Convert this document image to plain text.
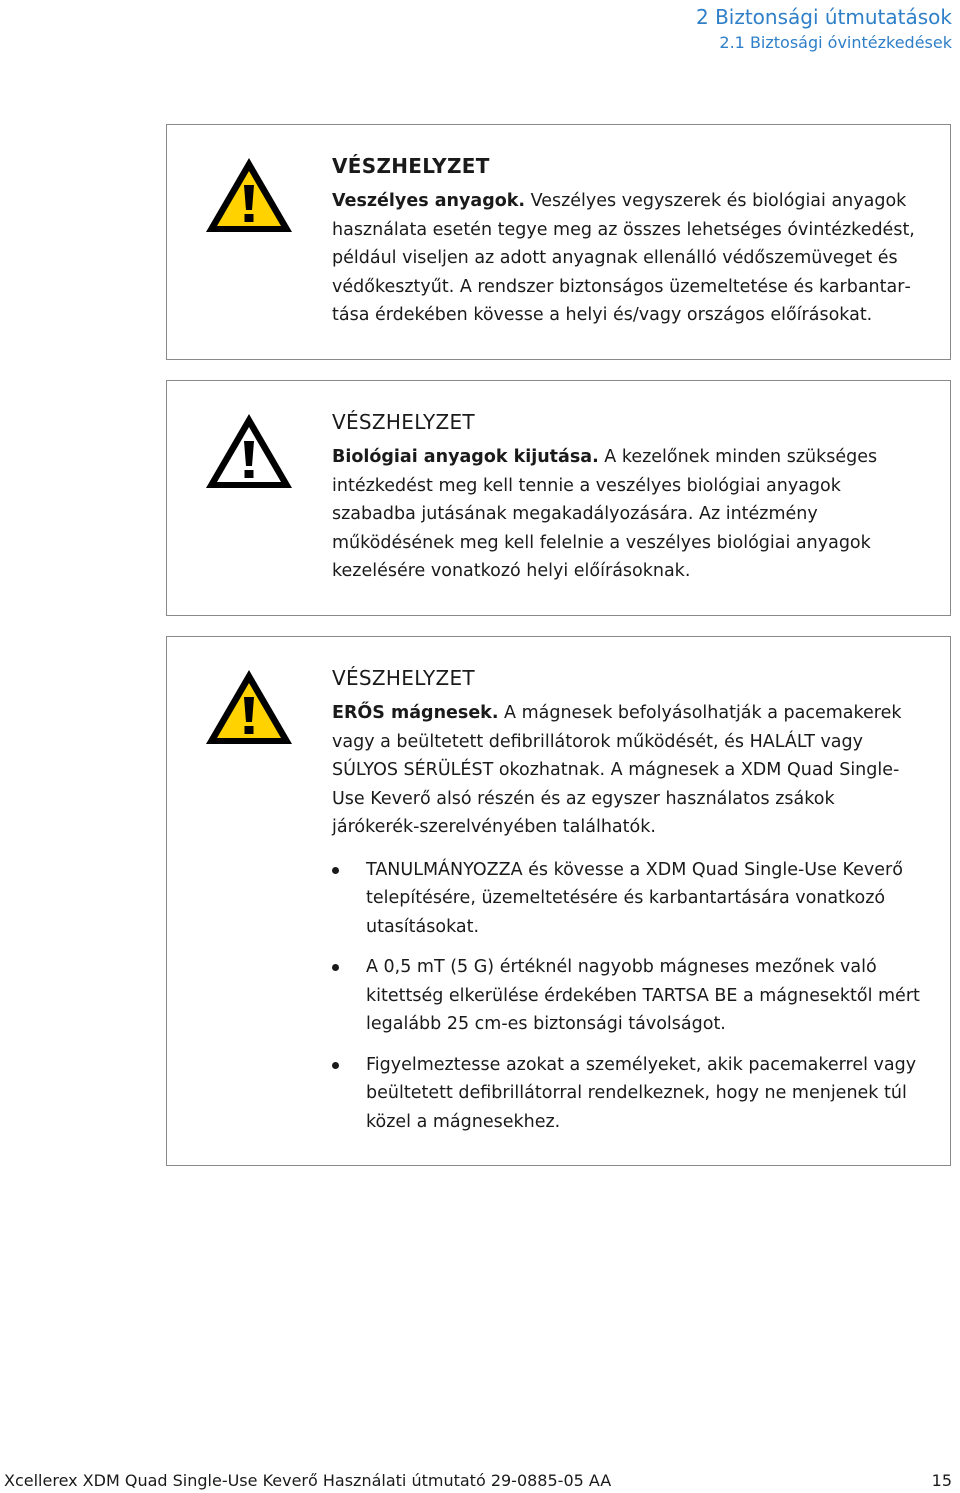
2 Biztonsági útmutatások
2.1 Biztosági óvintézkedések
VÉSZHELYZET

Veszélyes anyagok. Veszélyes vegyszerek és biológiai anyagok használata esetén tegye meg az összes lehetséges óvintézkedést, például viseljen az adott anyagnak ellenálló védőszemüveget és védőkesztyűt. A rendszer biztonságos üzemeltetése és karbantartása érdekében kövesse a helyi és/vagy országos előírásokat.

VÉSZHELYZET

Biológiai anyagok kijutása. A kezelőnek minden szükséges intézkedést meg kell tennie a veszélyes biológiai anyagok szabadba jutásának megakadályozására. Az intézmény működésének meg kell felelnie a veszélyes biológiai anyagok kezelésére vonatkozó helyi előírásoknak.

VÉSZHELYZET

ERŐS mágnesek. A mágnesek befolyásolhatják a pacemakerek vagy a beültetett defibrillátorok működését, és HALÁLT vagy SÚLYOS SÉRÜLÉST okozhatnak. A mágnesek a XDM Quad Single-Use Keverő alsó részén és az egyszer használatos zsákok járókerék-szerelvényében találhatók.

TANULMÁNYOZZA és kövesse a XDM Quad Single-Use Keverő telepítésére, üzemeltetésére és karbantartására vonatkozó utasításokat.
A 0,5 mT (5 G) értéknél nagyobb mágneses mezőnek való kitettség elkerülése érdekében TARTSA BE a mágnesektől mért legalább 25 cm-es biztonsági távolságot.
Figyelmeztesse azokat a személyeket, akik pacemakerrel vagy beültetett defibrillátorral rendelkeznek, hogy ne menjenek túl közel a mágnesekhez.
Xcellerex XDM Quad Single-Use Keverő Használati útmutató 29-0885-05 AA	15
